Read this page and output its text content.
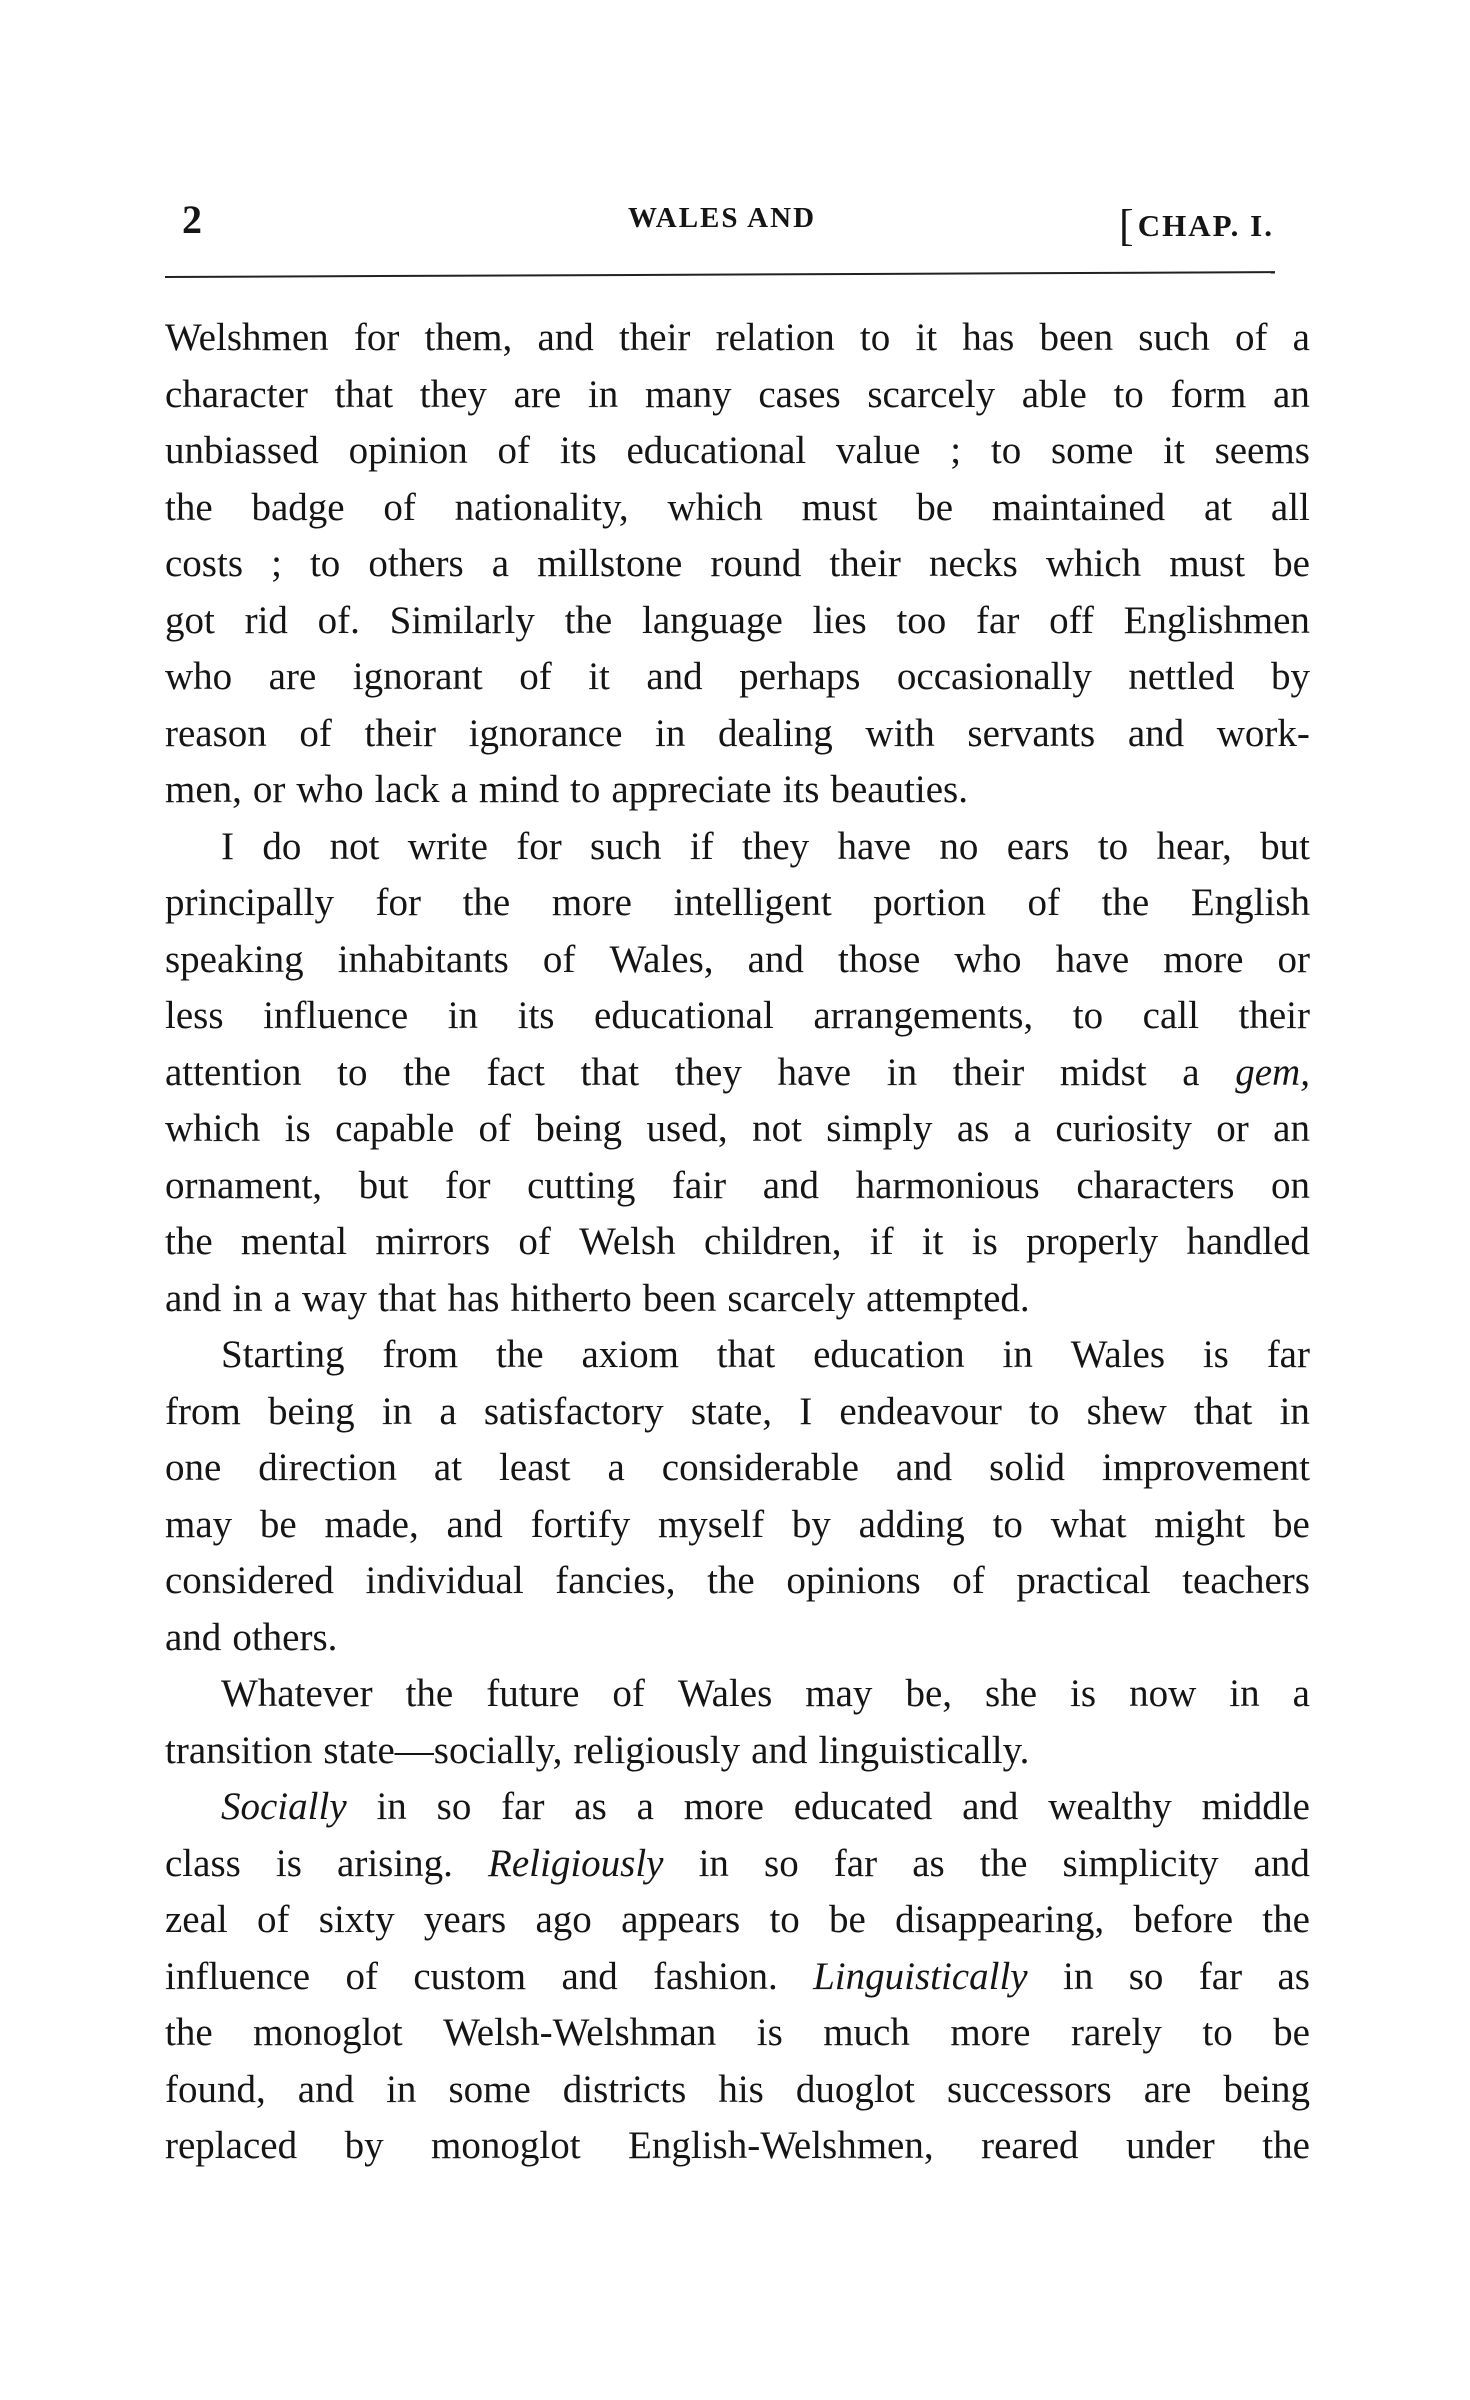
2	WALES AND	[CHAP. I.
Welshmen for them, and their relation to it has been such of a
character that they are in many cases scarcely able to form an
unbiassed opinion of its educational value ; to some it seems
the badge of nationality, which must be maintained at all
costs ; to others a millstone round their necks which must be
got rid of. Similarly the language lies too far off Englishmen
who are ignorant of it and perhaps occasionally nettled by
reason of their ignorance in dealing with servants and work-
men, or who lack a mind to appreciate its beauties.
I do not write for such if they have no ears to hear, but
principally for the more intelligent portion of the English
speaking inhabitants of Wales, and those who have more or
less influence in its educational arrangements, to call their
attention to the fact that they have in their midst a gem,
which is capable of being used, not simply as a curiosity or an
ornament, but for cutting fair and harmonious characters on
the mental mirrors of Welsh children, if it is properly handled
and in a way that has hitherto been scarcely attempted.
Starting from the axiom that education in Wales is far
from being in a satisfactory state, I endeavour to shew that in
one direction at least a considerable and solid improvement
may be made, and fortify myself by adding to what might be
considered individual fancies, the opinions of practical teachers
and others.
Whatever the future of Wales may be, she is now in a
transition state—socially, religiously and linguistically.
Socially in so far as a more educated and wealthy middle
class is arising. Religiously in so far as the simplicity and
zeal of sixty years ago appears to be disappearing, before the
influence of custom and fashion. Linguistically in so far as
the monoglot Welsh-Welshman is much more rarely to be
found, and in some districts his duoglot successors are being
replaced by monoglot English-Welshmen, reared under the
